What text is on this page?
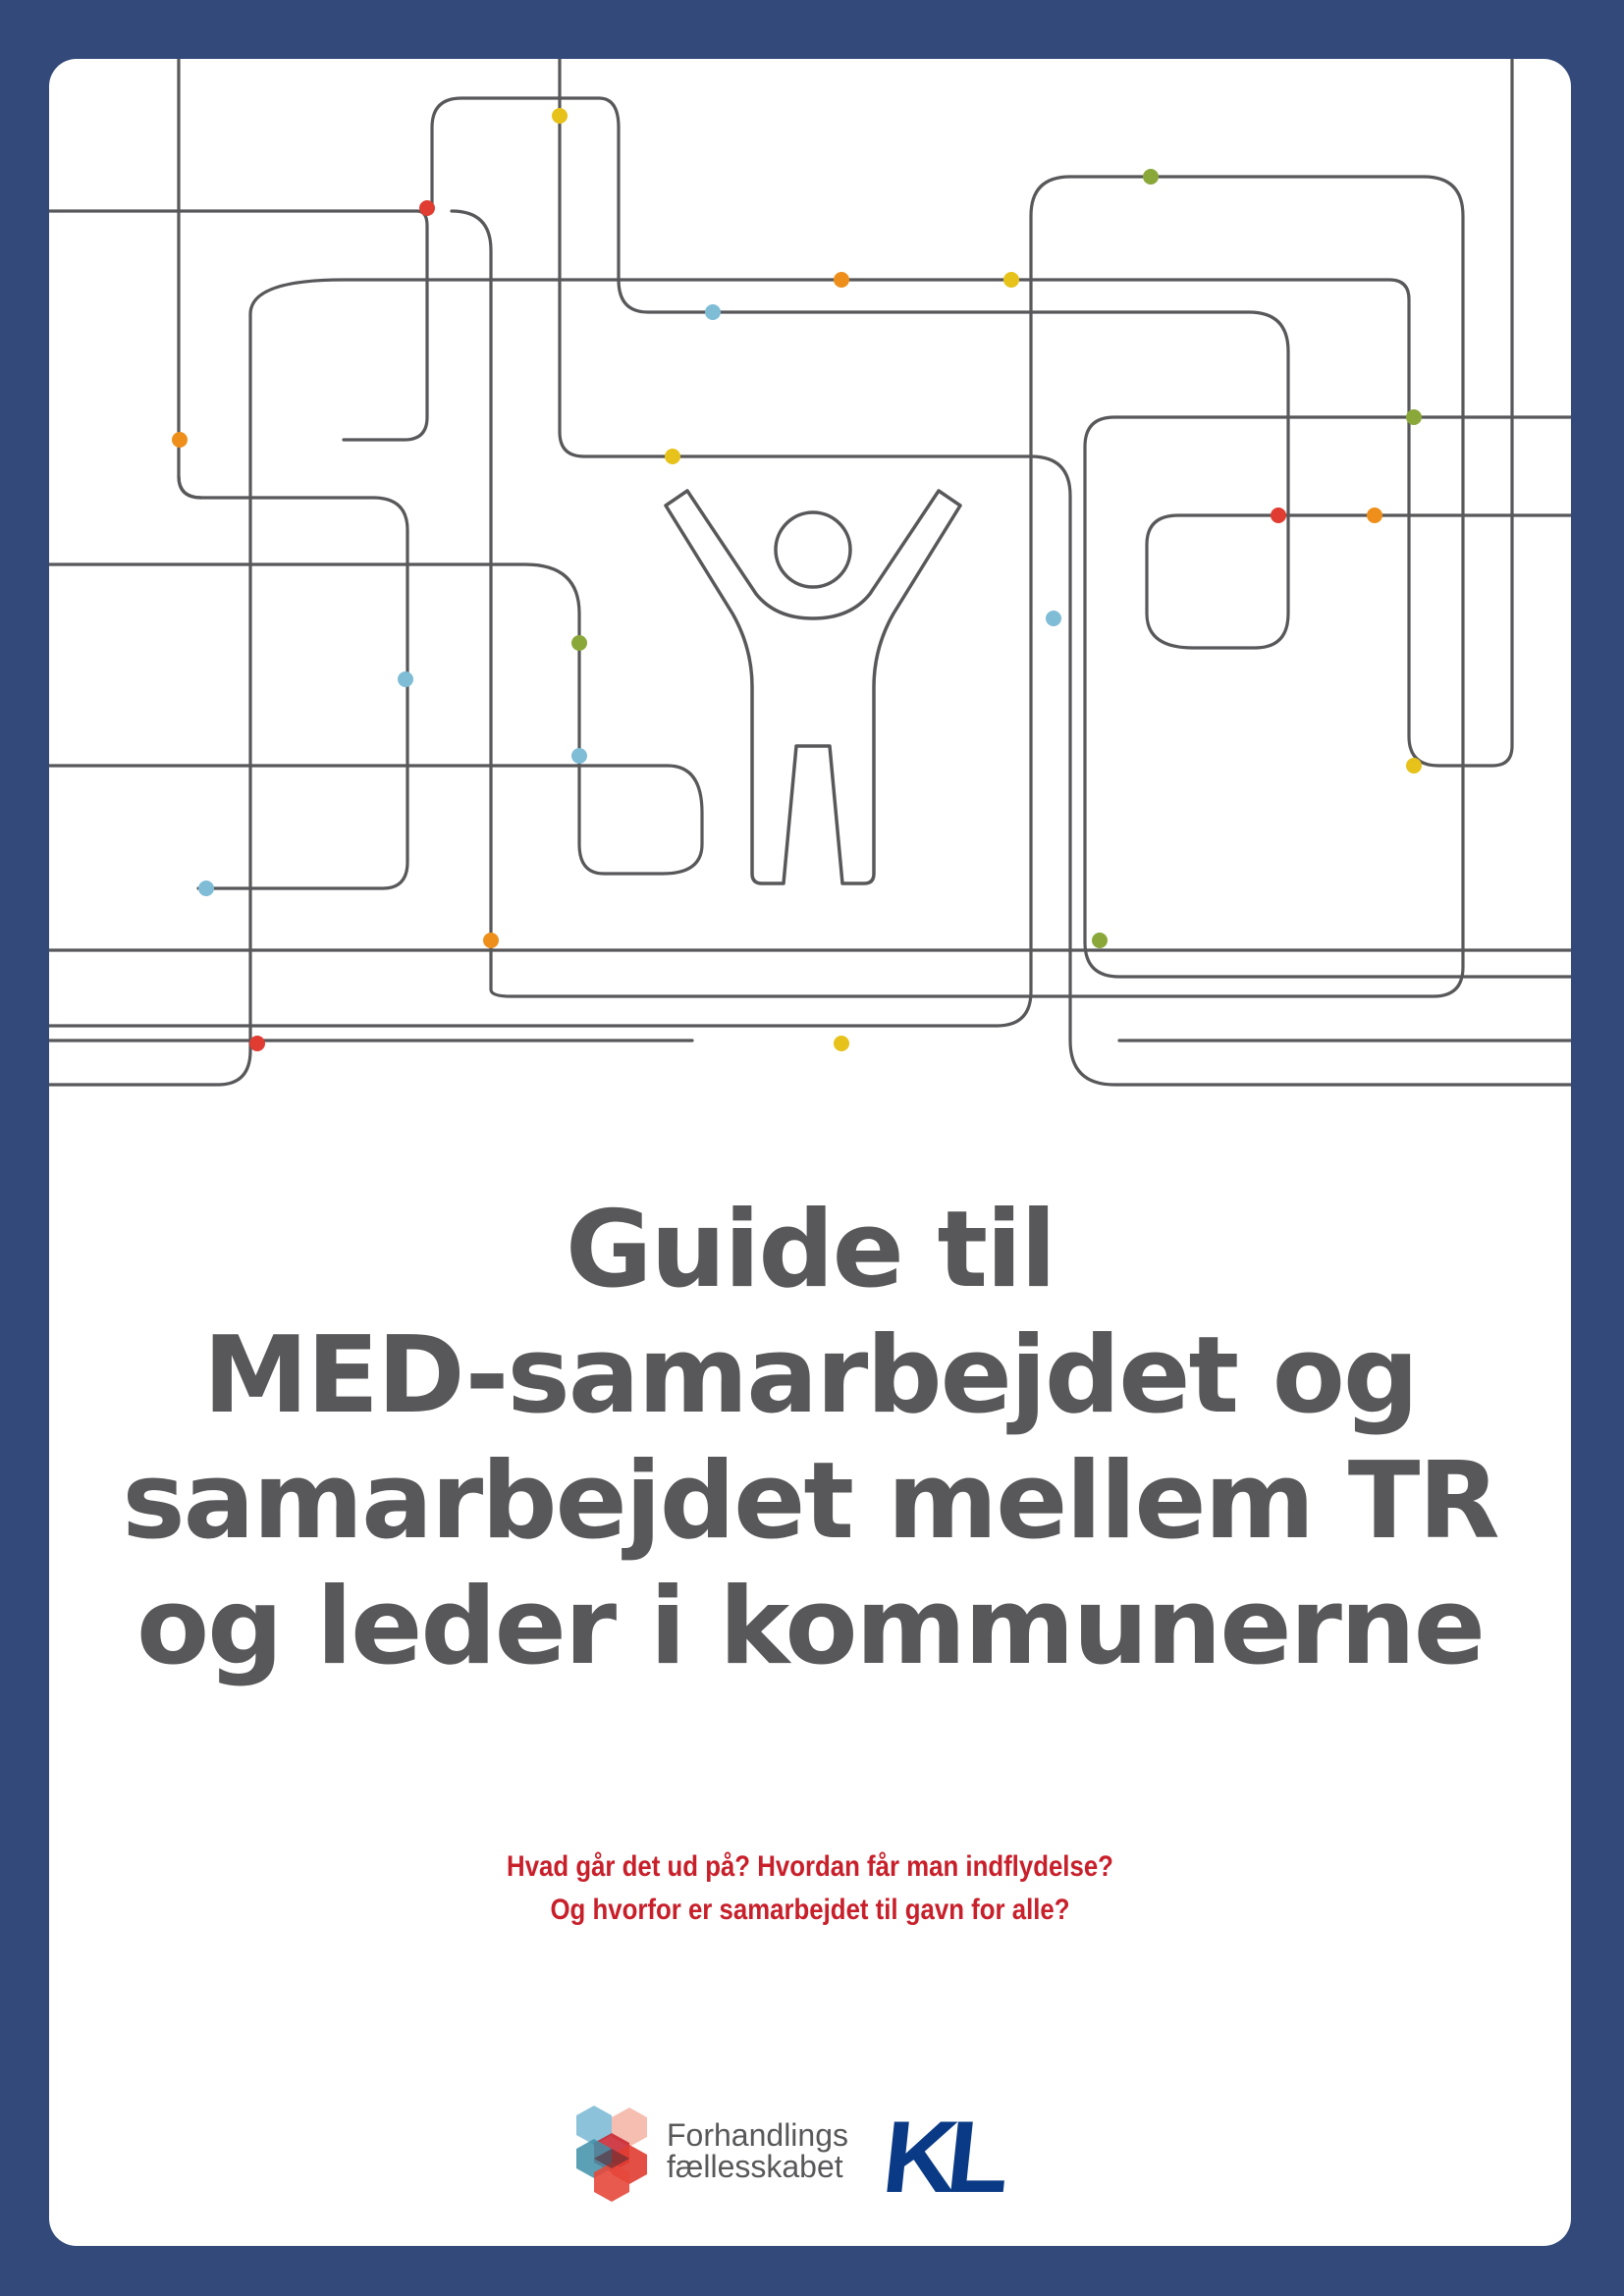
Guide til
MED-samarbejdet og
samarbejdet mellem TR
og leder i kommunerne
Hvad går det ud på? Hvordan får man indflydelse?
Og hvorfor er samarbejdet til gavn for alle?
Forhandlings
fællesskabet KL
